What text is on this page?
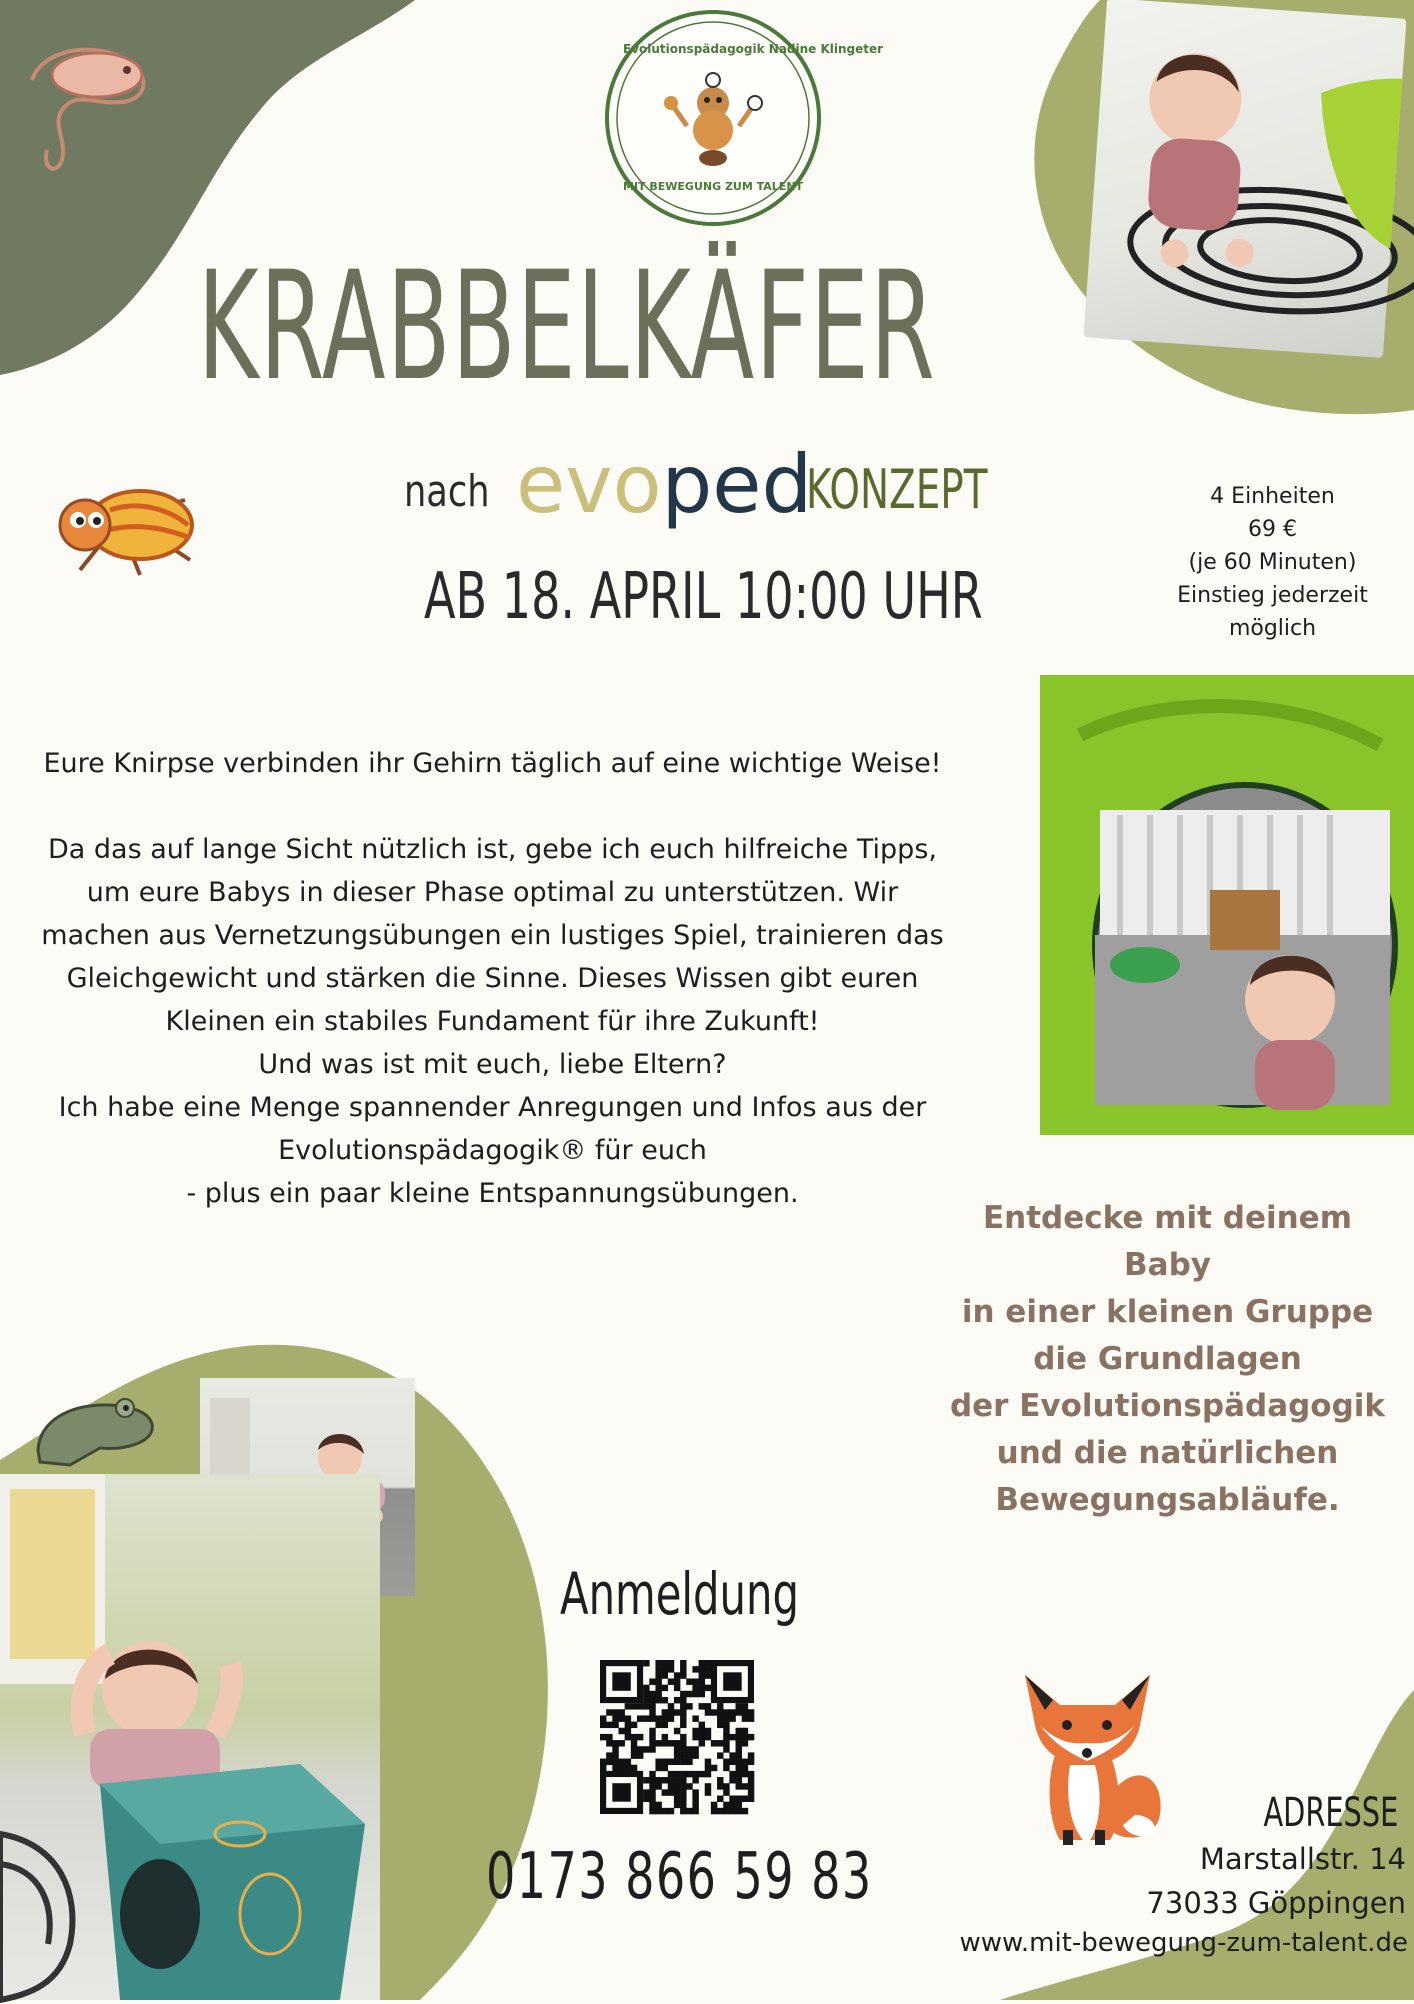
Evolutionspädagogik Nadine Klingeter
MIT BEWEGUNG ZUM TALENT
KRABBELKÄFER
nach evoped
KONZEPT
AB 18. APRIL 10:00 UHR
4 Einheiten
69 €
(je 60 Minuten)
Einstieg jederzeit
möglich

Eure Knirpse verbinden ihr Gehirn täglich auf eine wichtige Weise!

Da das auf lange Sicht nützlich ist, gebe ich euch hilfreiche Tipps, um eure Babys in dieser Phase optimal zu unterstützen. Wir machen aus Vernetzungsübungen ein lustiges Spiel, trainieren das Gleichgewicht und stärken die Sinne. Dieses Wissen gibt euren Kleinen ein stabiles Fundament für ihre Zukunft!

Und was ist mit euch, liebe Eltern?

Ich habe eine Menge spannender Anregungen und Infos aus der Evolutionspädagogik® für euch

- plus ein paar kleine Entspannungsübungen.

Entdecke mit deinem
Baby
in einer kleinen Gruppe
die Grundlagen
der Evolutionspädagogik
und die natürlichen
Bewegungsabläufe.
Anmeldung
0173 866 59 83
ADRESSE
Marstallstr. 14
73033 Göppingen
www.mit-bewegung-zum-talent.de
